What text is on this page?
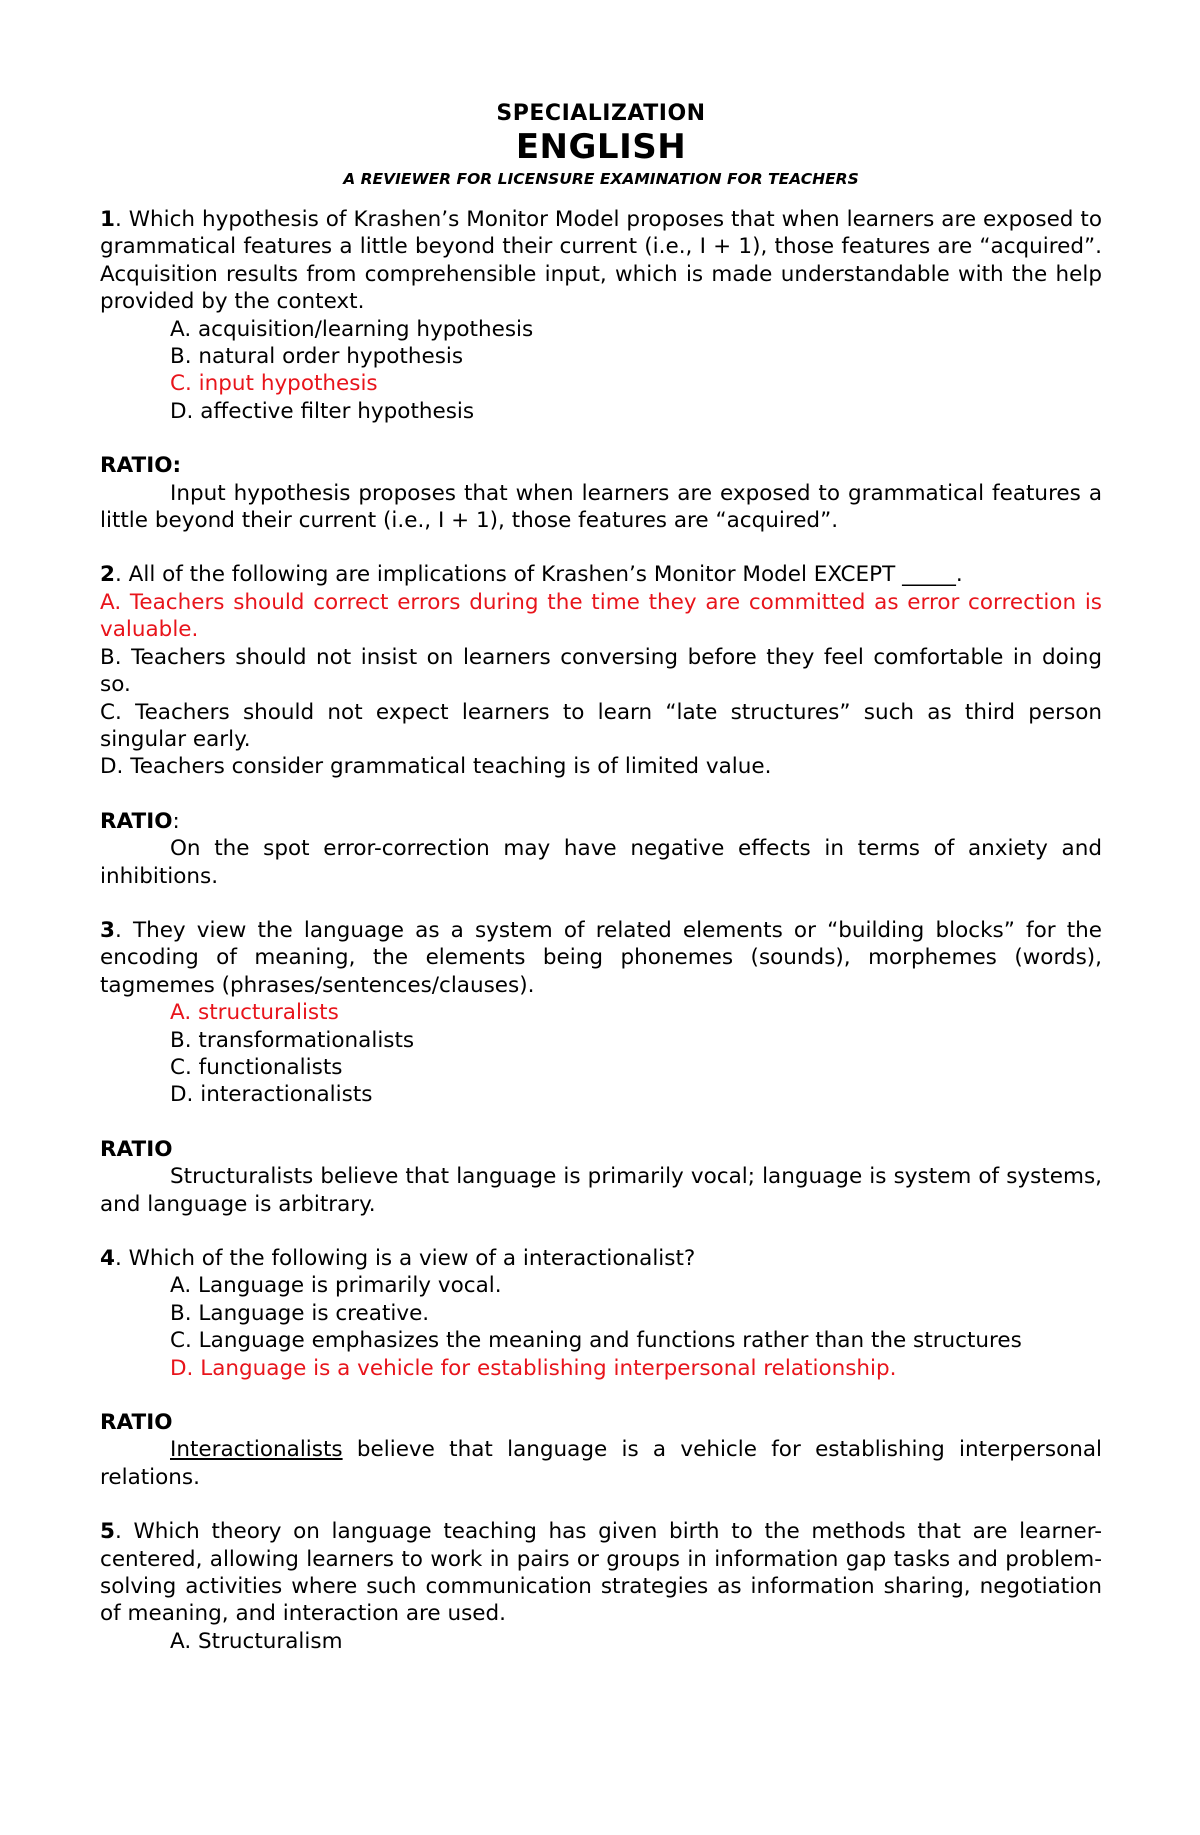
SPECIALIZATION
ENGLISH
A REVIEWER FOR LICENSURE EXAMINATION FOR TEACHERS

1. Which hypothesis of Krashen’s Monitor Model proposes that when learners are exposed to grammatical features a little beyond their current (i.e., I + 1), those features are “acquired”. Acquisition results from comprehensible input, which is made understandable with the help provided by the context.

A. acquisition/learning hypothesis
B. natural order hypothesis
C. input hypothesis
D. affective filter hypothesis
RATIO:

Input hypothesis proposes that when learners are exposed to grammatical features a little beyond their current (i.e., I + 1), those features are “acquired”.

2. All of the following are implications of Krashen’s Monitor Model EXCEPT _____.

A. Teachers should correct errors during the time they are committed as error correction is valuable.

B. Teachers should not insist on learners conversing before they feel comfortable in doing so.

C. Teachers should not expect learners to learn “late structures” such as third person singular early.

D. Teachers consider grammatical teaching is of limited value.

RATIO:

On the spot error-correction may have negative effects in terms of anxiety and inhibitions.

3. They view the language as a system of related elements or “building blocks” for the encoding of meaning, the elements being phonemes (sounds), morphemes (words), tagmemes (phrases/sentences/clauses).

A. structuralists
B. transformationalists
C. functionalists
D. interactionalists
RATIO

Structuralists believe that language is primarily vocal; language is system of systems, and language is arbitrary.

4. Which of the following is a view of a interactionalist?

A. Language is primarily vocal.
B. Language is creative.

C. Language emphasizes the meaning and functions rather than the structures

D. Language is a vehicle for establishing interpersonal relationship.
RATIO

Interactionalists believe that language is a vehicle for establishing interpersonal relations.

5. Which theory on language teaching has given birth to the methods that are learner-centered, allowing learners to work in pairs or groups in information gap tasks and problem-solving activities where such communication strategies as information sharing, negotiation of meaning, and interaction are used.

A. Structuralism
